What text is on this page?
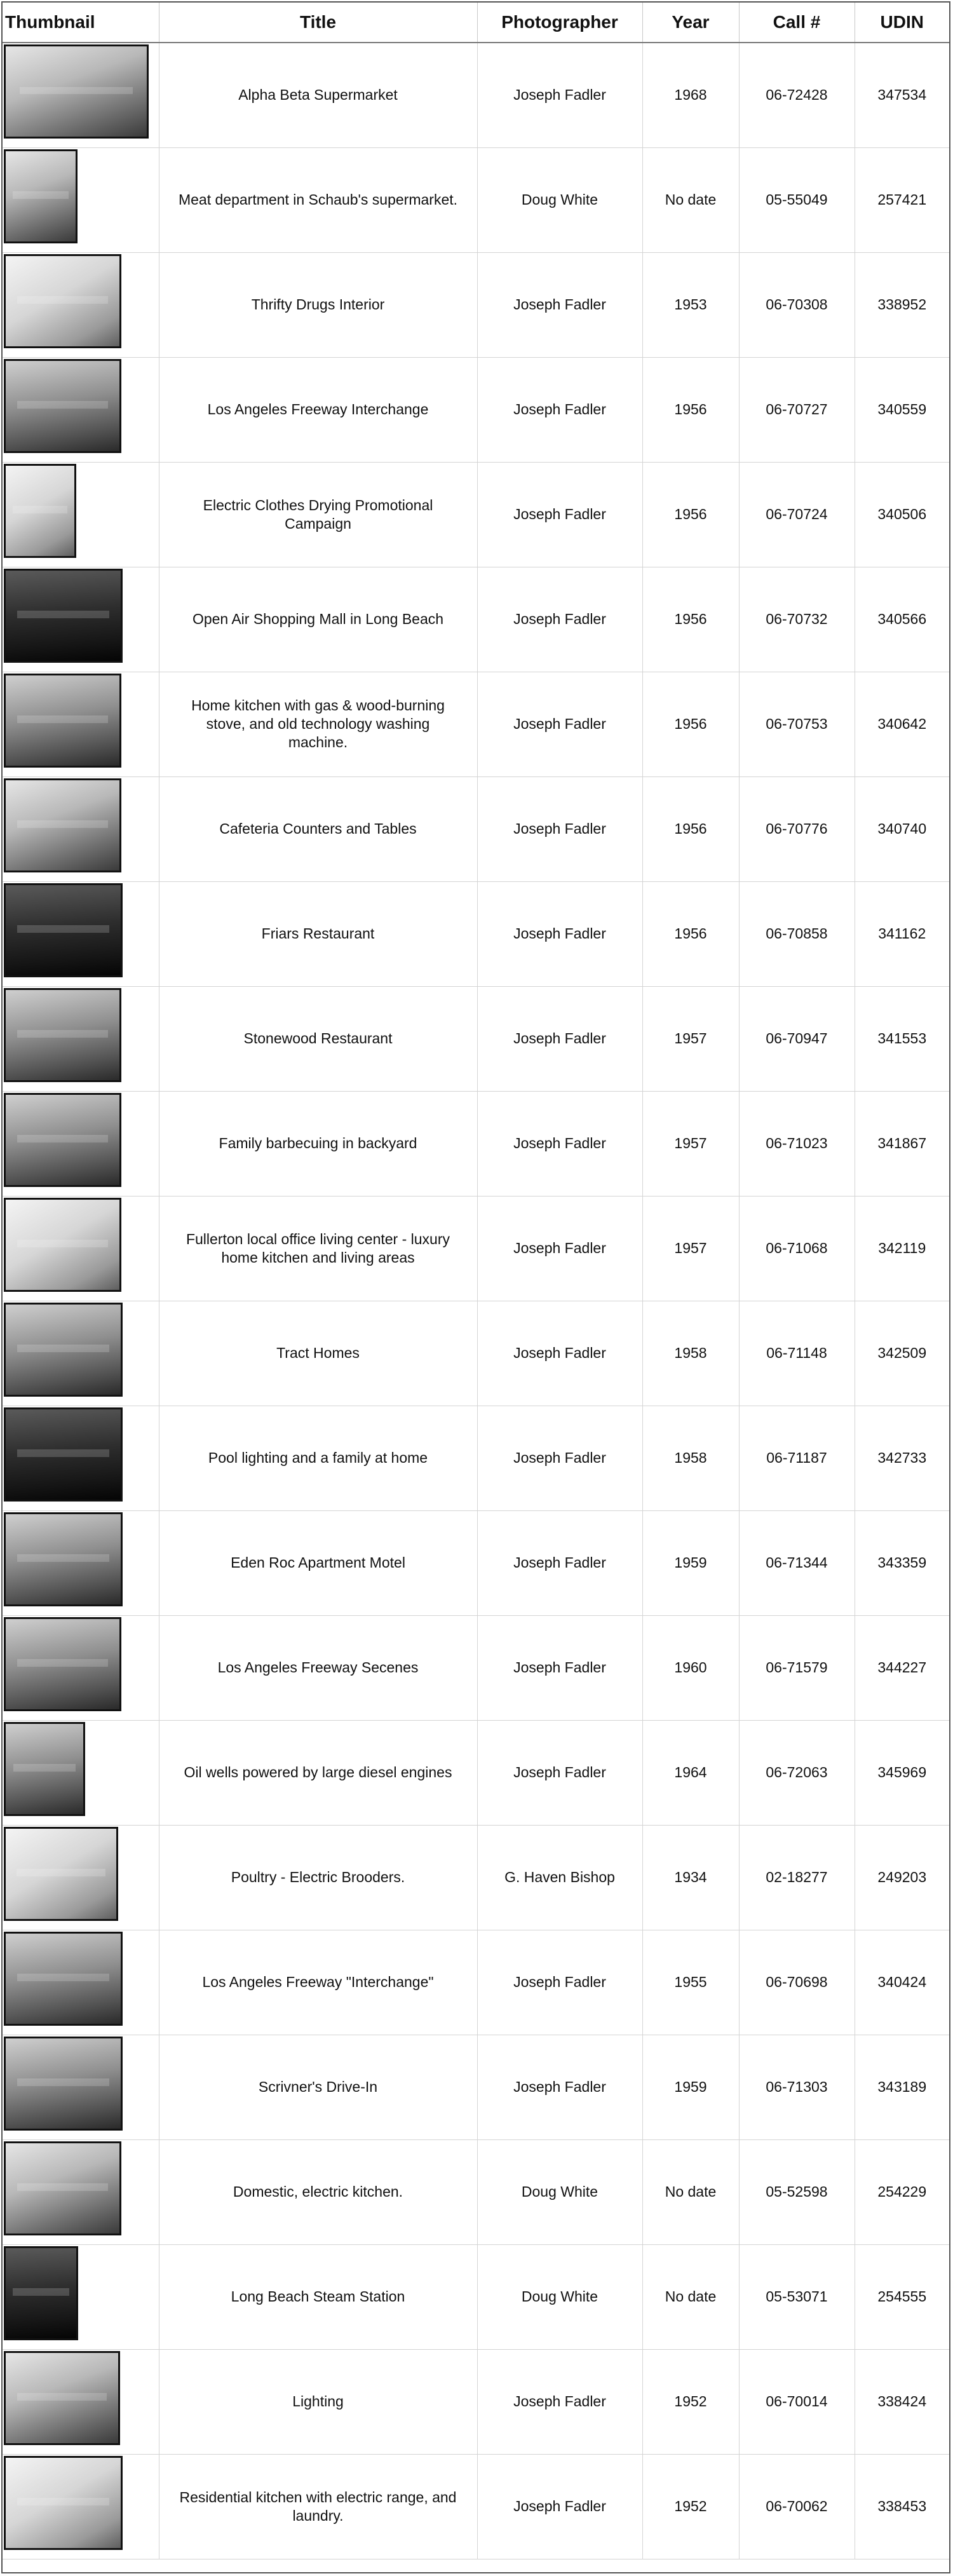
Thumbnail	Title	Photographer	Year	Call #	UDIN

	Alpha Beta Supermarket	Joseph Fadler	1968	06-72428	347534

	Meat department in Schaub's supermarket.	Doug White	No date	05-55049	257421

	Thrifty Drugs Interior	Joseph Fadler	1953	06-70308	338952

	Los Angeles Freeway Interchange	Joseph Fadler	1956	06-70727	340559

	Electric Clothes Drying Promotional Campaign	Joseph Fadler	1956	06-70724	340506

	Open Air Shopping Mall in Long Beach	Joseph Fadler	1956	06-70732	340566

	Home kitchen with gas & wood-burning stove, and old technology washing machine.	Joseph Fadler	1956	06-70753	340642

	Cafeteria Counters and Tables	Joseph Fadler	1956	06-70776	340740

	Friars Restaurant	Joseph Fadler	1956	06-70858	341162

	Stonewood Restaurant	Joseph Fadler	1957	06-70947	341553

	Family barbecuing in backyard	Joseph Fadler	1957	06-71023	341867

	Fullerton local office living center - luxury home kitchen and living areas	Joseph Fadler	1957	06-71068	342119

	Tract Homes	Joseph Fadler	1958	06-71148	342509

	Pool lighting and a family at home	Joseph Fadler	1958	06-71187	342733

	Eden Roc Apartment Motel	Joseph Fadler	1959	06-71344	343359

	Los Angeles Freeway Secenes	Joseph Fadler	1960	06-71579	344227

	Oil wells powered by large diesel engines	Joseph Fadler	1964	06-72063	345969

	Poultry - Electric Brooders.	G. Haven Bishop	1934	02-18277	249203

	Los Angeles Freeway "Interchange"	Joseph Fadler	1955	06-70698	340424

	Scrivner's Drive-In	Joseph Fadler	1959	06-71303	343189

	Domestic, electric kitchen.	Doug White	No date	05-52598	254229

	Long Beach Steam Station	Doug White	No date	05-53071	254555

	Lighting	Joseph Fadler	1952	06-70014	338424

	Residential kitchen with electric range, and laundry.	Joseph Fadler	1952	06-70062	338453
